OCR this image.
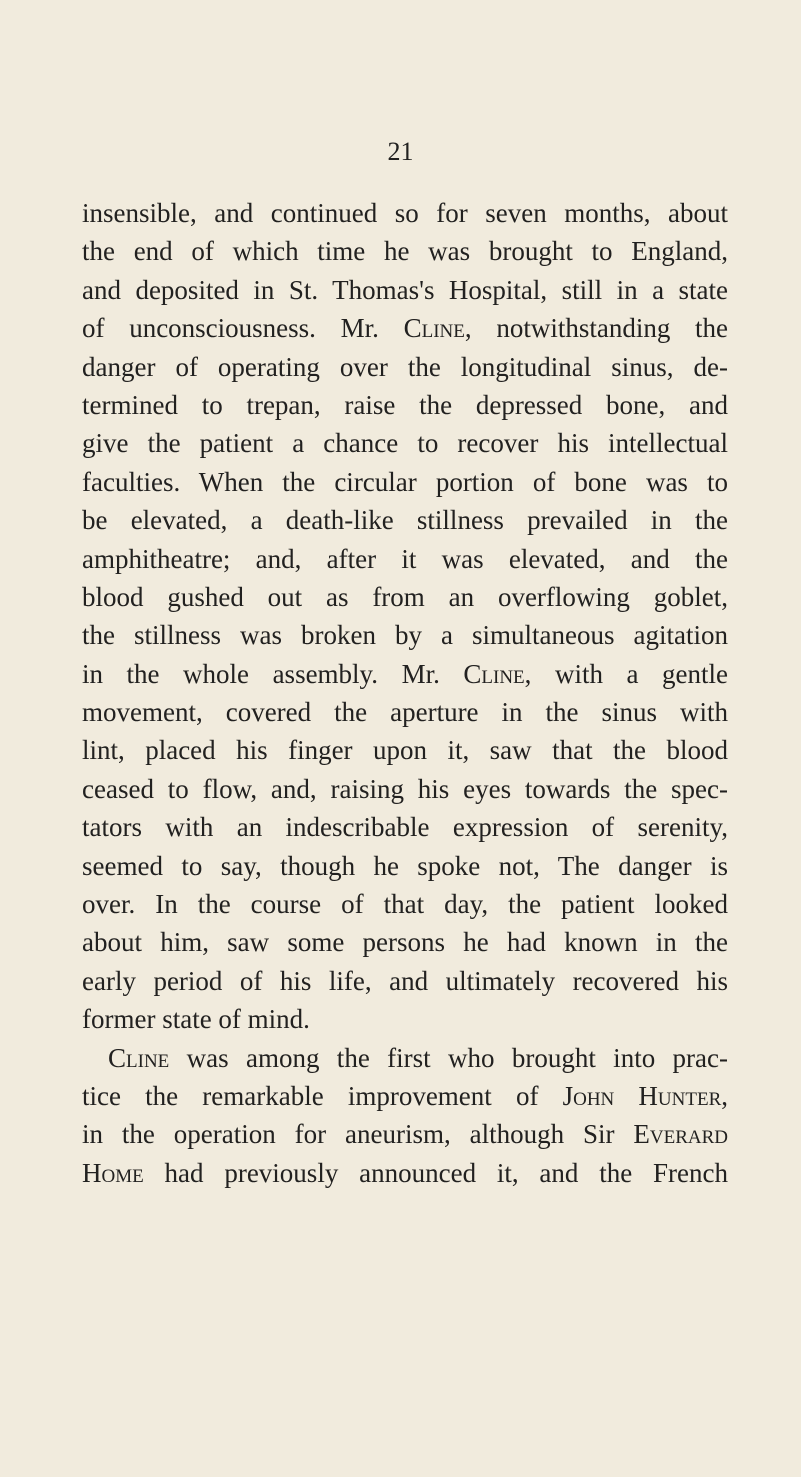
21
insensible, and continued so for seven months, about
the end of which time he was brought to England,
and deposited in St. Thomas's Hospital, still in a state
of unconsciousness. Mr. Cline, notwithstanding the
danger of operating over the longitudinal sinus, de-
termined to trepan, raise the depressed bone, and
give the patient a chance to recover his intellectual
faculties. When the circular portion of bone was to
be elevated, a death-like stillness prevailed in the
amphitheatre; and, after it was elevated, and the
blood gushed out as from an overflowing goblet,
the stillness was broken by a simultaneous agitation
in the whole assembly. Mr. Cline, with a gentle
movement, covered the aperture in the sinus with
lint, placed his finger upon it, saw that the blood
ceased to flow, and, raising his eyes towards the spec-
tators with an indescribable expression of serenity,
seemed to say, though he spoke not, The danger is
over. In the course of that day, the patient looked
about him, saw some persons he had known in the
early period of his life, and ultimately recovered his
former state of mind.
Cline was among the first who brought into prac-
tice the remarkable improvement of John Hunter,
in the operation for aneurism, although Sir Everard
Home had previously announced it, and the French
